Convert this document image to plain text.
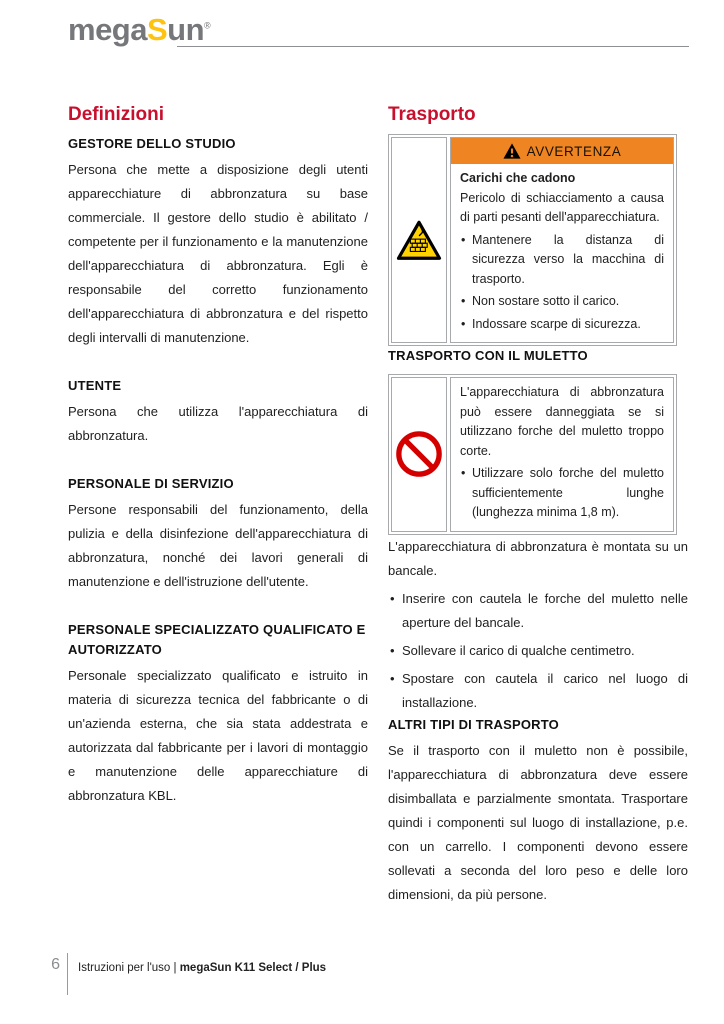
megaSun®
Definizioni
GESTORE DELLO STUDIO

Persona che mette a disposizione degli utenti apparecchiature di abbronzatura su base commerciale. Il gestore dello studio è abilitato / competente per il funzionamento e la manutenzione dell'apparecchiatura di abbronzatura. Egli è responsabile del corretto funzionamento dell'apparecchiatura di abbronzatura e del rispetto degli intervalli di manutenzione.

UTENTE

Persona che utilizza l'apparecchiatura di abbronzatura.

PERSONALE DI SERVIZIO

Persone responsabili del funzionamento, della pulizia e della disinfezione dell'apparecchiatura di abbronzatura, nonché dei lavori generali di manutenzione e dell'istruzione dell'utente.

PERSONALE SPECIALIZZATO QUALIFICATO E AUTORIZZATO

Personale specializzato qualificato e istruito in materia di sicurezza tecnica del fabbricante o di un'azienda esterna, che sia stata addestrata e autorizzata dal fabbricante per i lavori di montaggio e manutenzione delle apparecchiature di abbronzatura KBL.

Trasporto
AVVERTENZA

Carichi che cadono

Pericolo di schiacciamento a causa di parti pesanti dell'apparecchiatura.

• Mantenere la distanza di sicurezza verso la macchina di trasporto.
• Non sostare sotto il carico.
• Indossare scarpe di sicurezza.
TRASPORTO CON IL MULETTO

L'apparecchiatura di abbronzatura può essere danneggiata se si utilizzano forche del muletto troppo corte.

• Utilizzare solo forche del muletto sufficientemente lunghe (lunghezza minima 1,8 m).

L'apparecchiatura di abbronzatura è montata su un bancale.

• Inserire con cautela le forche del muletto nelle aperture del bancale.
• Sollevare il carico di qualche centimetro.
• Spostare con cautela il carico nel luogo di installazione.
ALTRI TIPI DI TRASPORTO

Se il trasporto con il muletto non è possibile, l'apparecchiatura di abbronzatura deve essere disimballata e parzialmente smontata. Trasportare quindi i componenti sul luogo di installazione, p.e. con un carrello. I componenti devono essere sollevati a seconda del loro peso e delle loro dimensioni, da più persone.

6 Istruzioni per l'uso | megaSun K11 Select / Plus
